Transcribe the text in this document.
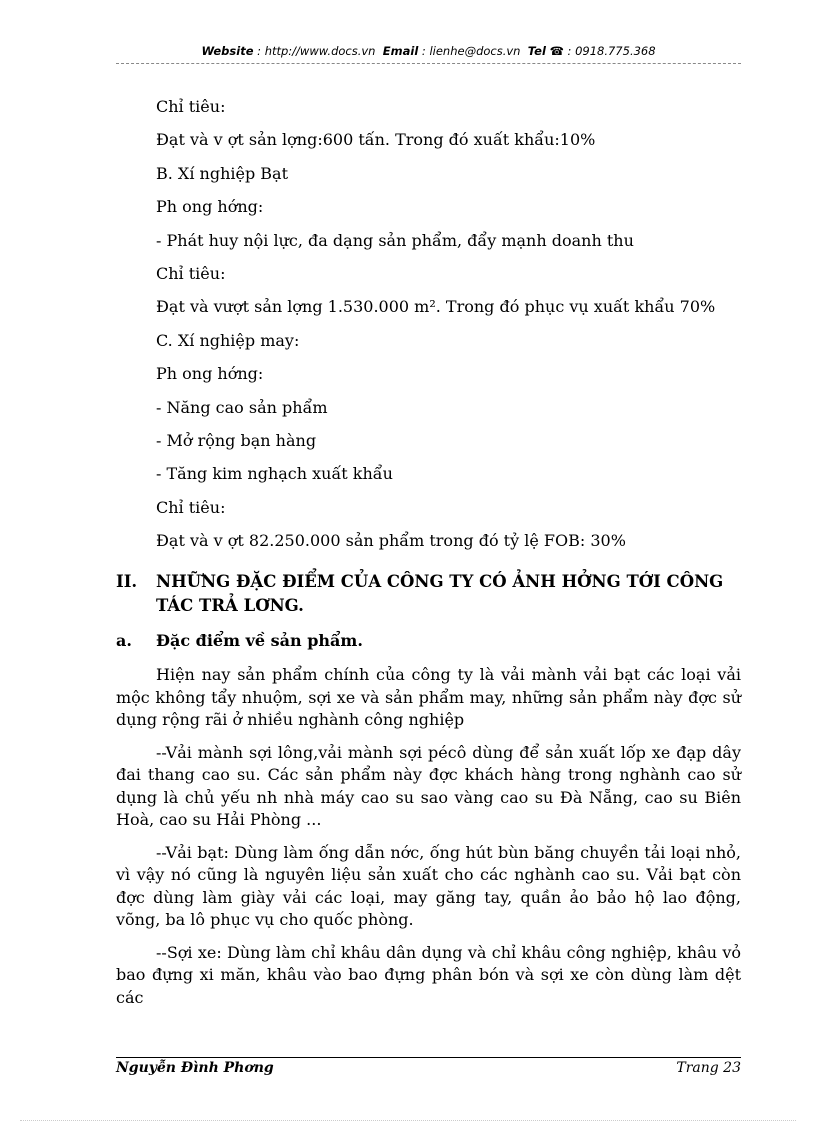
Website : http://www.docs.vn Email : lienhe@docs.vn Tel ☎ : 0918.775.368
Chỉ tiêu:
Đạt và v ợt sản lợng:600 tấn. Trong đó xuất khẩu:10%
B. Xí nghiệp Bạt
Ph ong hớng:
- Phát huy nội lực, đa dạng sản phẩm, đẩy mạnh doanh thu
Chỉ tiêu:
Đạt và vượt sản lợng 1.530.000 m². Trong đó phục vụ xuất khẩu 70%
C. Xí nghiệp may:
Ph ong hớng:
- Năng cao sản phẩm
- Mở rộng bạn hàng
- Tăng kim nghạch xuất khẩu
Chỉ tiêu:
Đạt và v ợt 82.250.000 sản phẩm trong đó tỷ lệ FOB: 30%
II.	NHỮNG ĐẶC ĐIỂM CỦA CÔNG TY CÓ ẢNH HỞNG TỚI CÔNG TÁC TRẢ LƠNG.
a.	Đặc điểm về sản phẩm.

Hiện nay sản phẩm chính của công ty là vải mành vải bạt các loại vải mộc không tẩy nhuộm, sợi xe và sản phẩm may, những sản phẩm này đợc sử dụng rộng rãi ở nhiều nghành công nghiệp

--Vải mành sợi lông,vải mành sợi pécô dùng để sản xuất lốp xe đạp dây đai thang cao su. Các sản phẩm này đợc khách hàng trong nghành cao sử dụng là chủ yếu nh nhà máy cao su sao vàng cao su Đà Nẵng, cao su Biên Hoà, cao su Hải Phòng ...

--Vải bạt: Dùng làm ống dẫn nớc, ống hút bùn băng chuyền tải loại nhỏ, vì vậy nó cũng là nguyên liệu sản xuất cho các nghành cao su. Vải bạt còn đợc dùng làm giày vải các loại, may găng tay, quần ảo bảo hộ lao động, võng, ba lô phục vụ cho quốc phòng.

--Sợi xe: Dùng làm chỉ khâu dân dụng và chỉ khâu công nghiệp, khâu vỏ bao đựng xi măn, khâu vào bao đựng phân bón và sợi xe còn dùng làm dệt các

Nguyễn Đình Phơng	Trang 23
